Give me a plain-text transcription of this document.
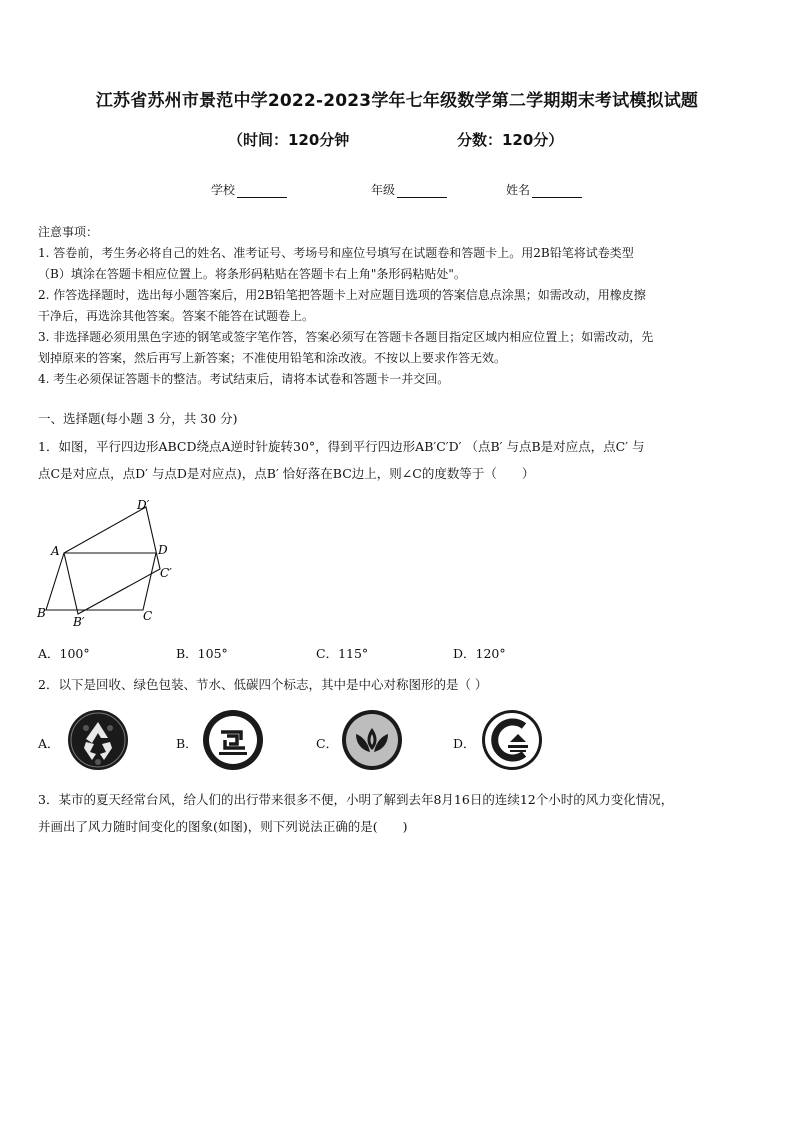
江苏省苏州市景范中学2022-2023学年七年级数学第二学期期末考试模拟试题
（时间：120分钟	分数：120分）
学校	年级	姓名

注意事项：

1. 答卷前，考生务必将自己的姓名、准考证号、考场号和座位号填写在试题卷和答题卡上。用2B铅笔将试卷类型

（B）填涂在答题卡相应位置上。将条形码粘贴在答题卡右上角"条形码粘贴处"。

2. 作答选择题时，选出每小题答案后，用2B铅笔把答题卡上对应题目选项的答案信息点涂黑；如需改动，用橡皮擦

干净后，再选涂其他答案。答案不能答在试题卷上。

3. 非选择题必须用黑色字迹的钢笔或签字笔作答，答案必须写在答题卡各题目指定区域内相应位置上；如需改动，先

划掉原来的答案，然后再写上新答案；不准使用铅笔和涂改液。不按以上要求作答无效。

4. 考生必须保证答题卡的整洁。考试结束后，请将本试卷和答题卡一并交回。

一、选择题(每小题 3 分，共 30 分)

1．如图，平行四边形ABCD绕点A逆时针旋转30°，得到平行四边形AB′C′D′ （点B′ 与点B是对应点，点C′ 与

点C是对应点，点D′ 与点D是对应点)，点B′ 恰好落在BC边上，则∠C的度数等于（　　）

A	D
B	C
B′
C′
D′
A．100°	B．105°	C．115°	D．120°

2．以下是回收、绿色包装、节水、低碳四个标志，其中是中心对称图形的是（ ）

A．	B．	C．	D．

3．某市的夏天经常台风，给人们的出行带来很多不便，小明了解到去年8月16日的连续12个小时的风力变化情况，

并画出了风力随时间变化的图象(如图)，则下列说法正确的是(　　)
